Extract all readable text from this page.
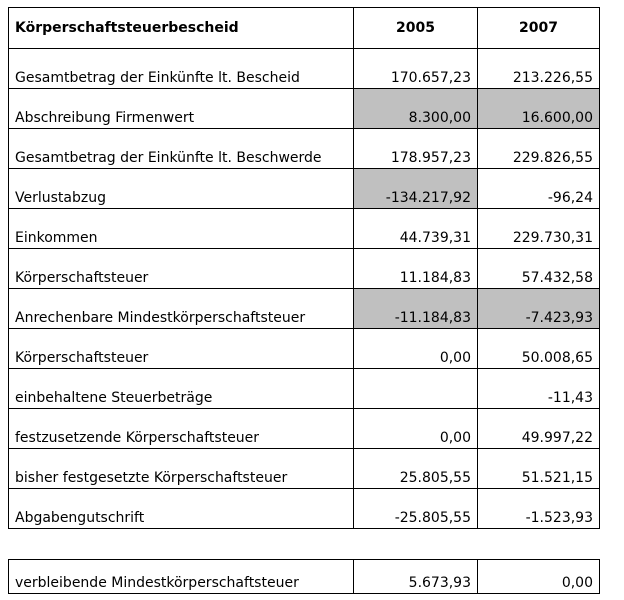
Körperschaftsteuerbescheid	2005	2007
Gesamtbetrag der Einkünfte lt. Bescheid	170.657,23	213.226,55
Abschreibung Firmenwert	8.300,00	16.600,00
Gesamtbetrag der Einkünfte lt. Beschwerde	178.957,23	229.826,55
Verlustabzug	-134.217,92	-96,24
Einkommen	44.739,31	229.730,31
Körperschaftsteuer	11.184,83	57.432,58
Anrechenbare Mindestkörperschaftsteuer	-11.184,83	-7.423,93
Körperschaftsteuer	0,00	50.008,65
einbehaltene Steuerbeträge		-11,43
festzusetzende Körperschaftsteuer	0,00	49.997,22
bisher festgesetzte Körperschaftsteuer	25.805,55	51.521,15
Abgabengutschrift	-25.805,55	-1.523,93
verbleibende Mindestkörperschaftsteuer	5.673,93	0,00
